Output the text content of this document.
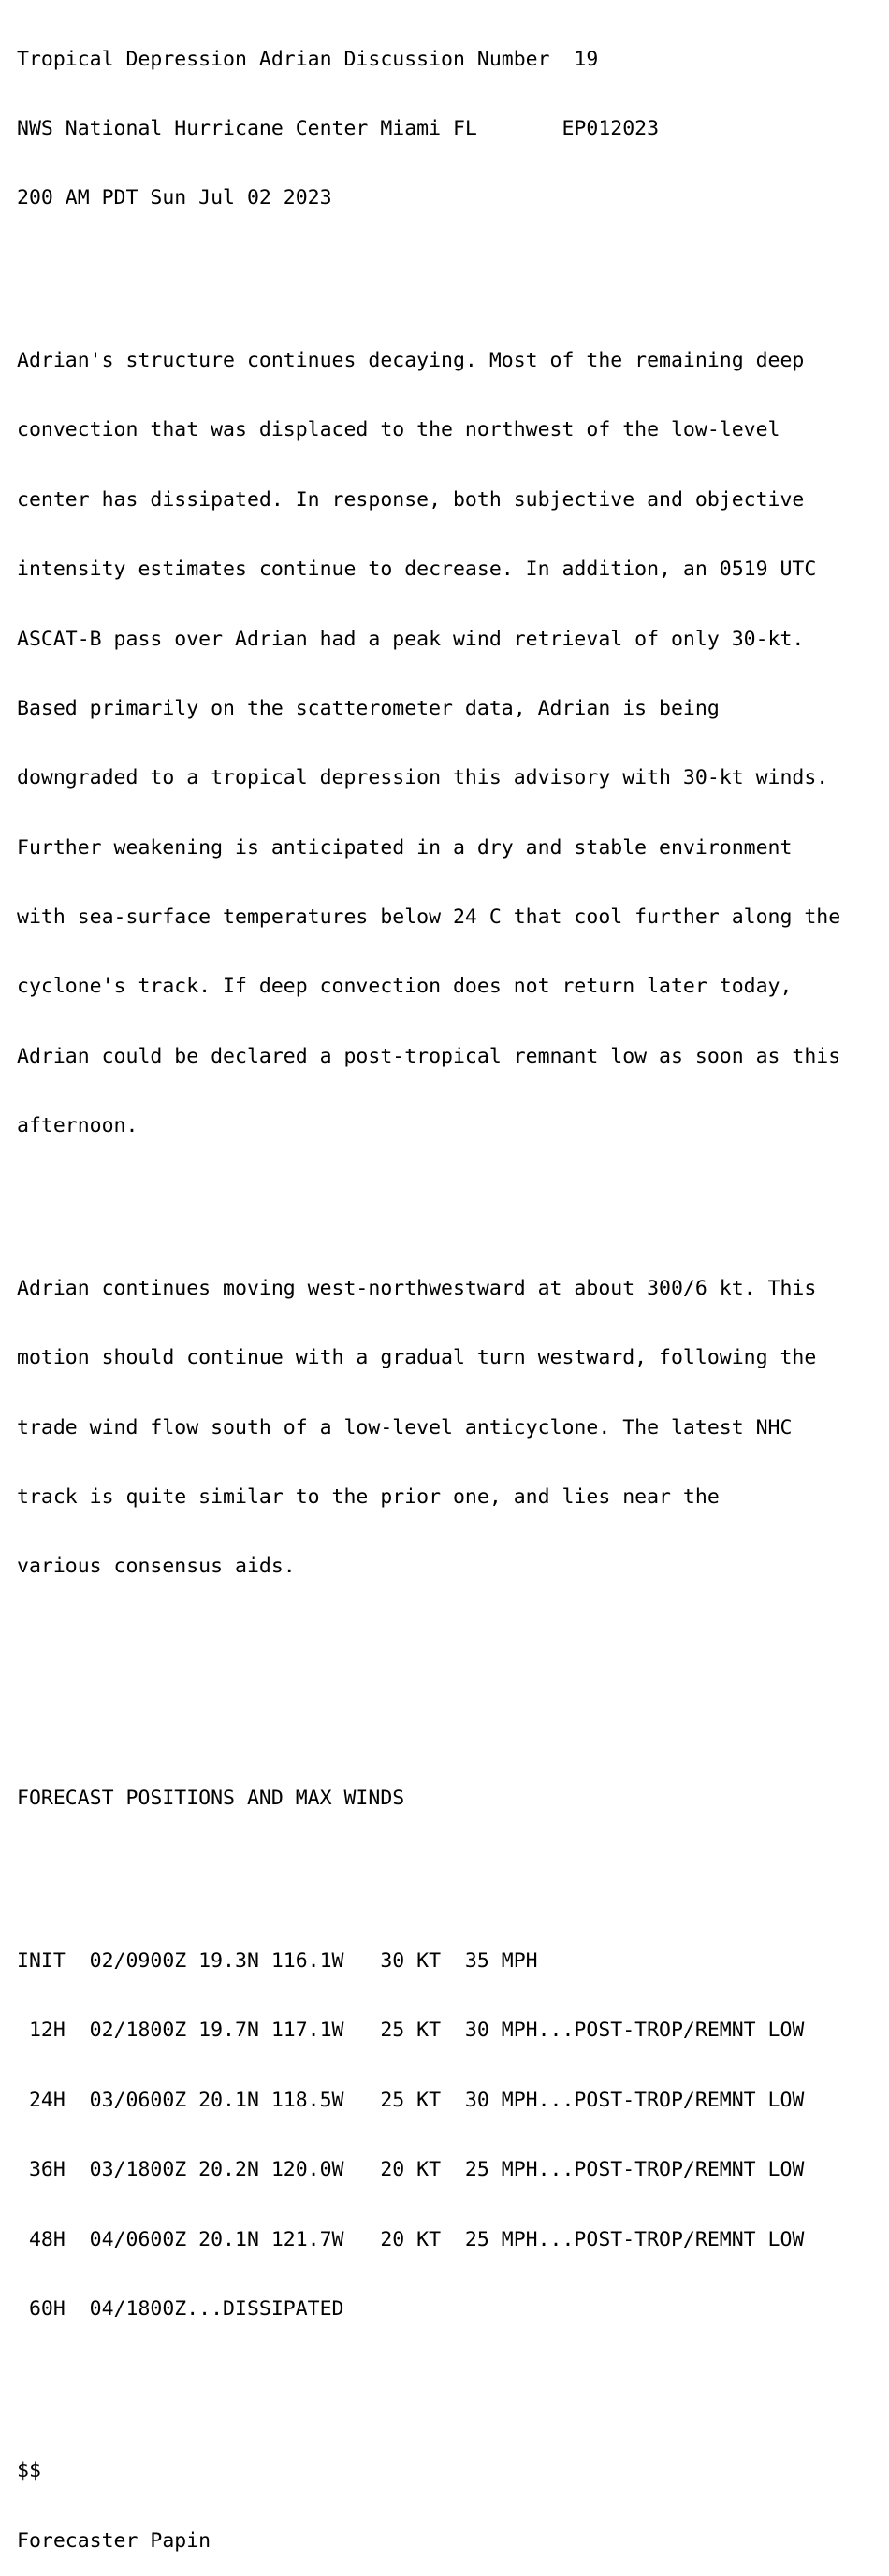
Tropical Depression Adrian Discussion Number  19

NWS National Hurricane Center Miami FL       EP012023

200 AM PDT Sun Jul 02 2023

Adrian's structure continues decaying. Most of the remaining deep

convection that was displaced to the northwest of the low-level

center has dissipated. In response, both subjective and objective

intensity estimates continue to decrease. In addition, an 0519 UTC

ASCAT-B pass over Adrian had a peak wind retrieval of only 30-kt.

Based primarily on the scatterometer data, Adrian is being

downgraded to a tropical depression this advisory with 30-kt winds.

Further weakening is anticipated in a dry and stable environment

with sea-surface temperatures below 24 C that cool further along the

cyclone's track. If deep convection does not return later today,

Adrian could be declared a post-tropical remnant low as soon as this

afternoon.

Adrian continues moving west-northwestward at about 300/6 kt. This

motion should continue with a gradual turn westward, following the

trade wind flow south of a low-level anticyclone. The latest NHC

track is quite similar to the prior one, and lies near the

various consensus aids.

FORECAST POSITIONS AND MAX WINDS

INIT  02/0900Z 19.3N 116.1W   30 KT  35 MPH

12H  02/1800Z 19.7N 117.1W   25 KT  30 MPH...POST-TROP/REMNT LOW

24H  03/0600Z 20.1N 118.5W   25 KT  30 MPH...POST-TROP/REMNT LOW

36H  03/1800Z 20.2N 120.0W   20 KT  25 MPH...POST-TROP/REMNT LOW

48H  04/0600Z 20.1N 121.7W   20 KT  25 MPH...POST-TROP/REMNT LOW

60H  04/1800Z...DISSIPATED

$$

Forecaster Papin
